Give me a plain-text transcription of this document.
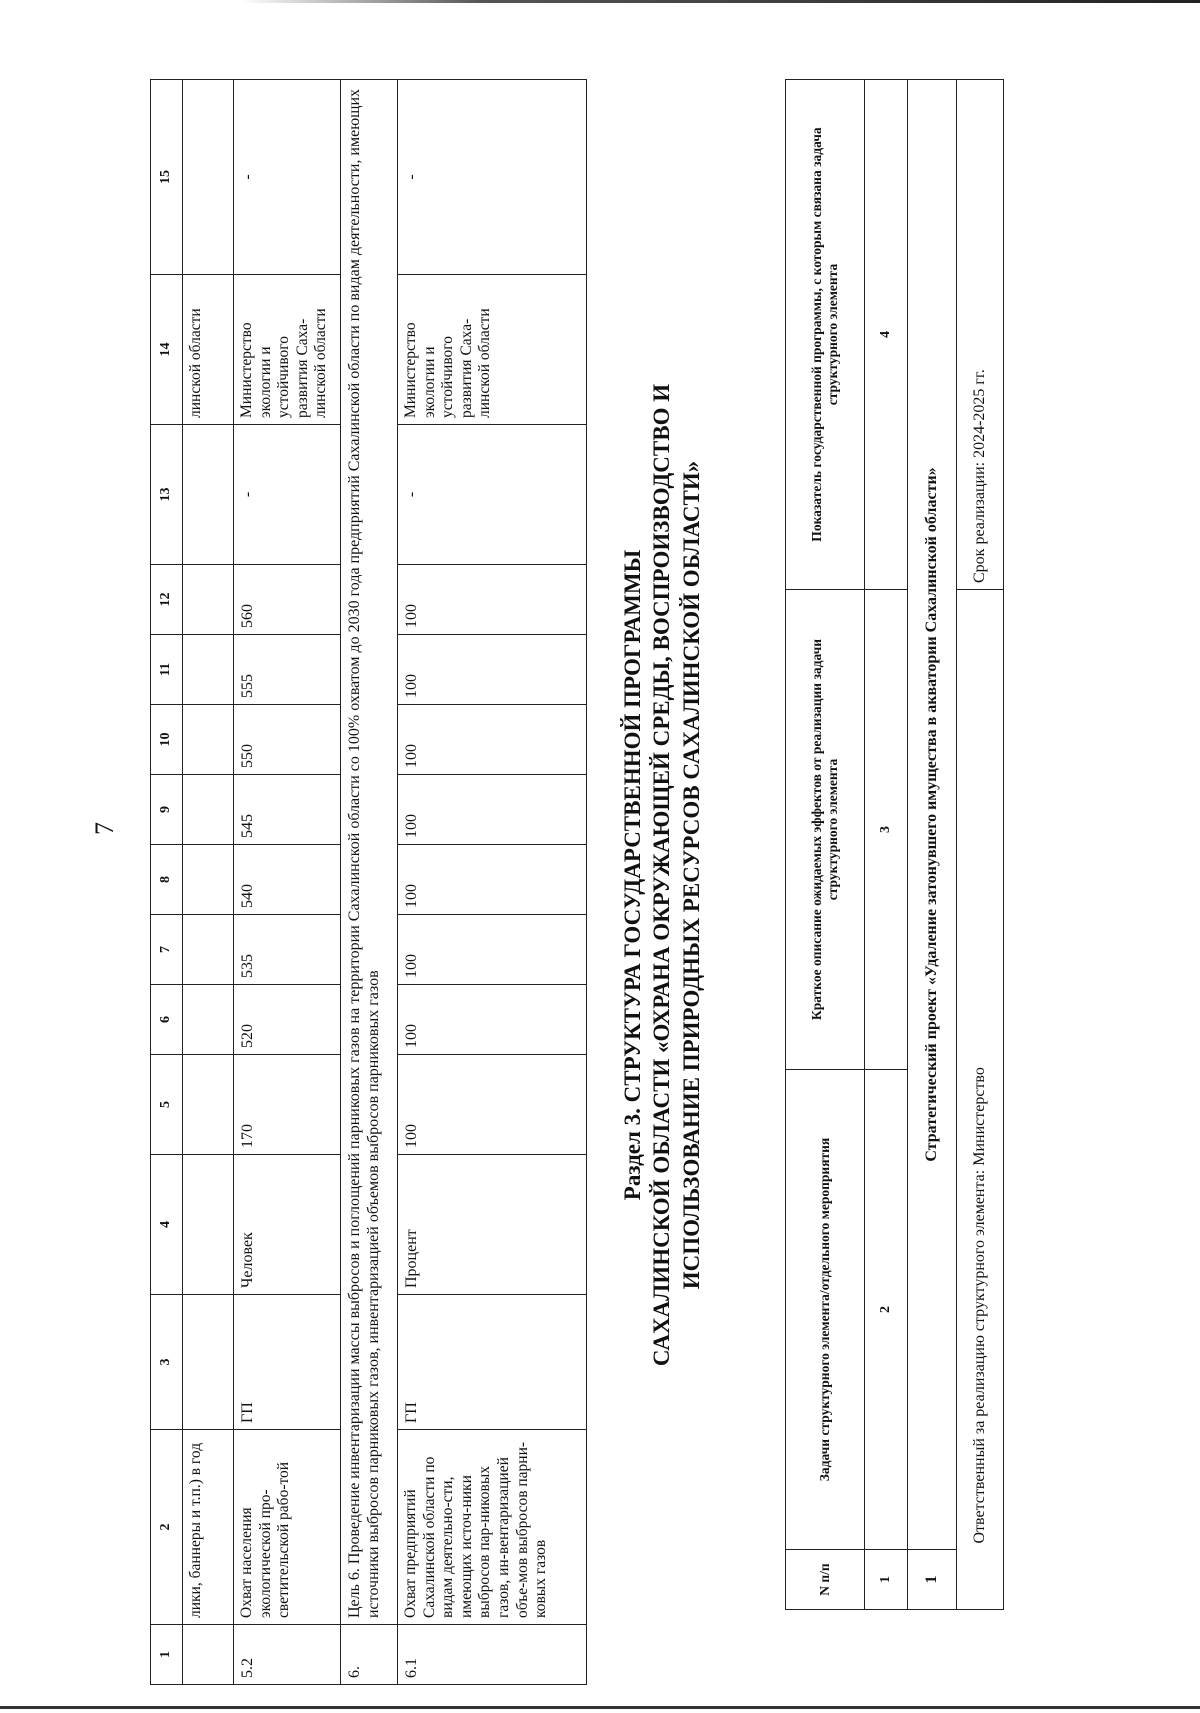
7
1	2	3	4	5	6	7	8	9	10	11	12	13	14	15
	лики, баннеры и т.п.) в год												линской области	
5.2	Охват населения экологической про-светительской рабо-той	ГП	Человек	170	520	535	540	545	550	555	560	-	Министерство экологии и устойчивого развития Саха-линской области	-
6.	Цель 6. Проведение инвентаризации массы выбросов и поглощений парниковых газов на территории Сахалинской области со 100% охватом до 2030 года предприятий Сахалинской области по видам деятельности, имеющих источники выбросов парниковых газов, инвентаризацией объемов выбросов парниковых газов													
6.1	Охват предприятий Сахалинской области по видам деятельно-сти, имеющих источ-ники выбросов пар-никовых газов, ин-вентаризацией объе-мов выбросов парни-ковых газов	ГП	Процент	100	100	100	100	100	100	100	100	-	Министерство экологии и устойчивого развития Саха-линской области	-
Раздел 3. СТРУКТУРА ГОСУДАРСТВЕННОЙ ПРОГРАММЫ САХАЛИНСКОЙ ОБЛАСТИ «ОХРАНА ОКРУЖАЮЩЕЙ СРЕДЫ, ВОСПРОИЗВОДСТВО И ИСПОЛЬЗОВАНИЕ ПРИРОДНЫХ РЕСУРСОВ САХАЛИНСКОЙ ОБЛАСТИ»
N п/п	Задачи структурного элемента/отдельного мероприятия	Краткое описание ожидаемых эффектов от реализации задачи структурного элемента	Показатель государственной программы, с которым связана задача структурного элемента
1	2	3	4
1	Стратегический проект «Удаление затонувшего имущества в акватории Сахалинской области»		
	Ответственный за реализацию структурного элемента: Министерство		Срок реализации: 2024-2025 гг.
